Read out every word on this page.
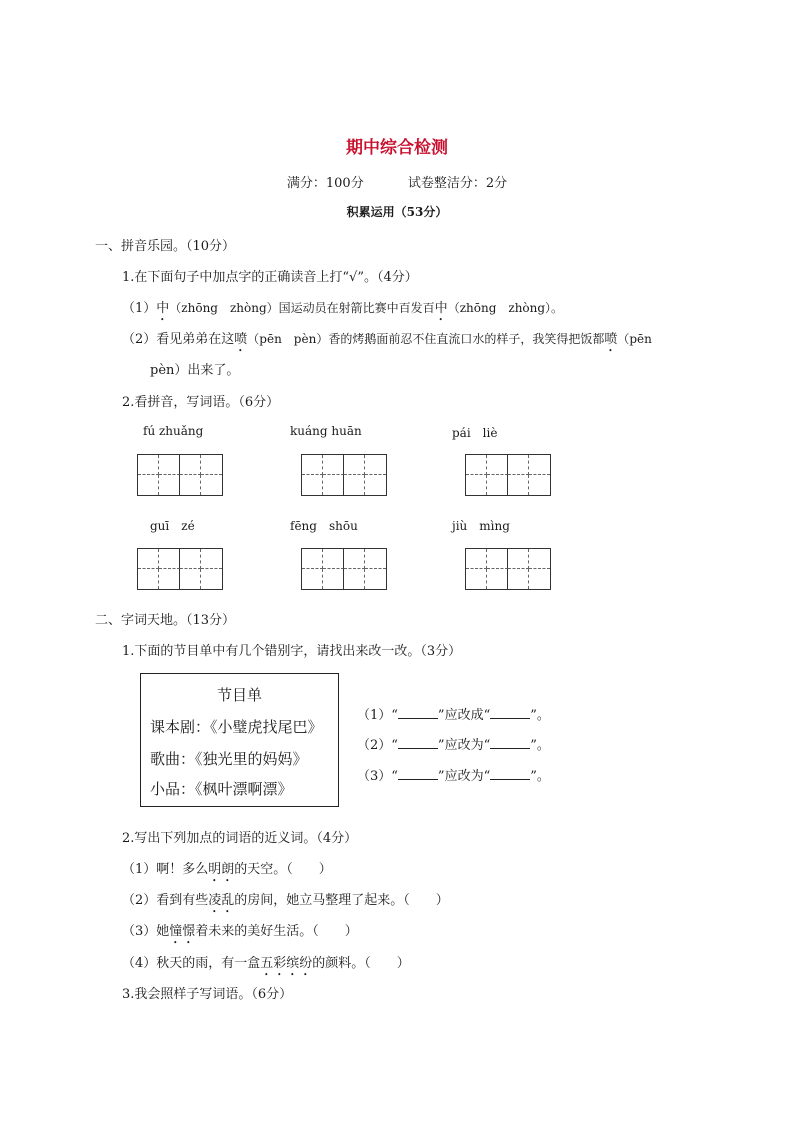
期中综合检测
满分：100分	试卷整洁分：2分
积累运用（53分）
一、拼音乐园。（10分）
1.在下面句子中加点字的正确读音上打“√”。（4分）
（1）中（zhōng　zhòng）国运动员在射箭比赛中百发百中（zhōng　zhòng）。
（2）看见弟弟在这喷（pēn　pèn）香的烤鹅面前忍不住直流口水的样子，我笑得把饭都喷（pēn
pèn）出来了。
2.看拼音，写词语。（6分）
fú zhuǎng	kuáng huān	pái　liè
guī　zé	fēng　shōu	jiù　mìng
二、字词天地。（13分）
1.下面的节目单中有几个错别字，请找出来改一改。（3分）
节目单
课本剧：《小璧虎找尾巴》
歌曲：《独光里的妈妈》
小品：《枫叶漂啊漂》
（1）“	”应改成“	”。
（2）“	”应改为“	”。
（3）“	”应改为“	”。
2.写出下列加点的词语的近义词。（4分）
（1）啊！多么明朗的天空。（　　）
（2）看到有些凌乱的房间，她立马整理了起来。（　　）
（3）她憧憬着未来的美好生活。（　　）
（4）秋天的雨，有一盒五彩缤纷的颜料。（　　）
3.我会照样子写词语。（6分）
